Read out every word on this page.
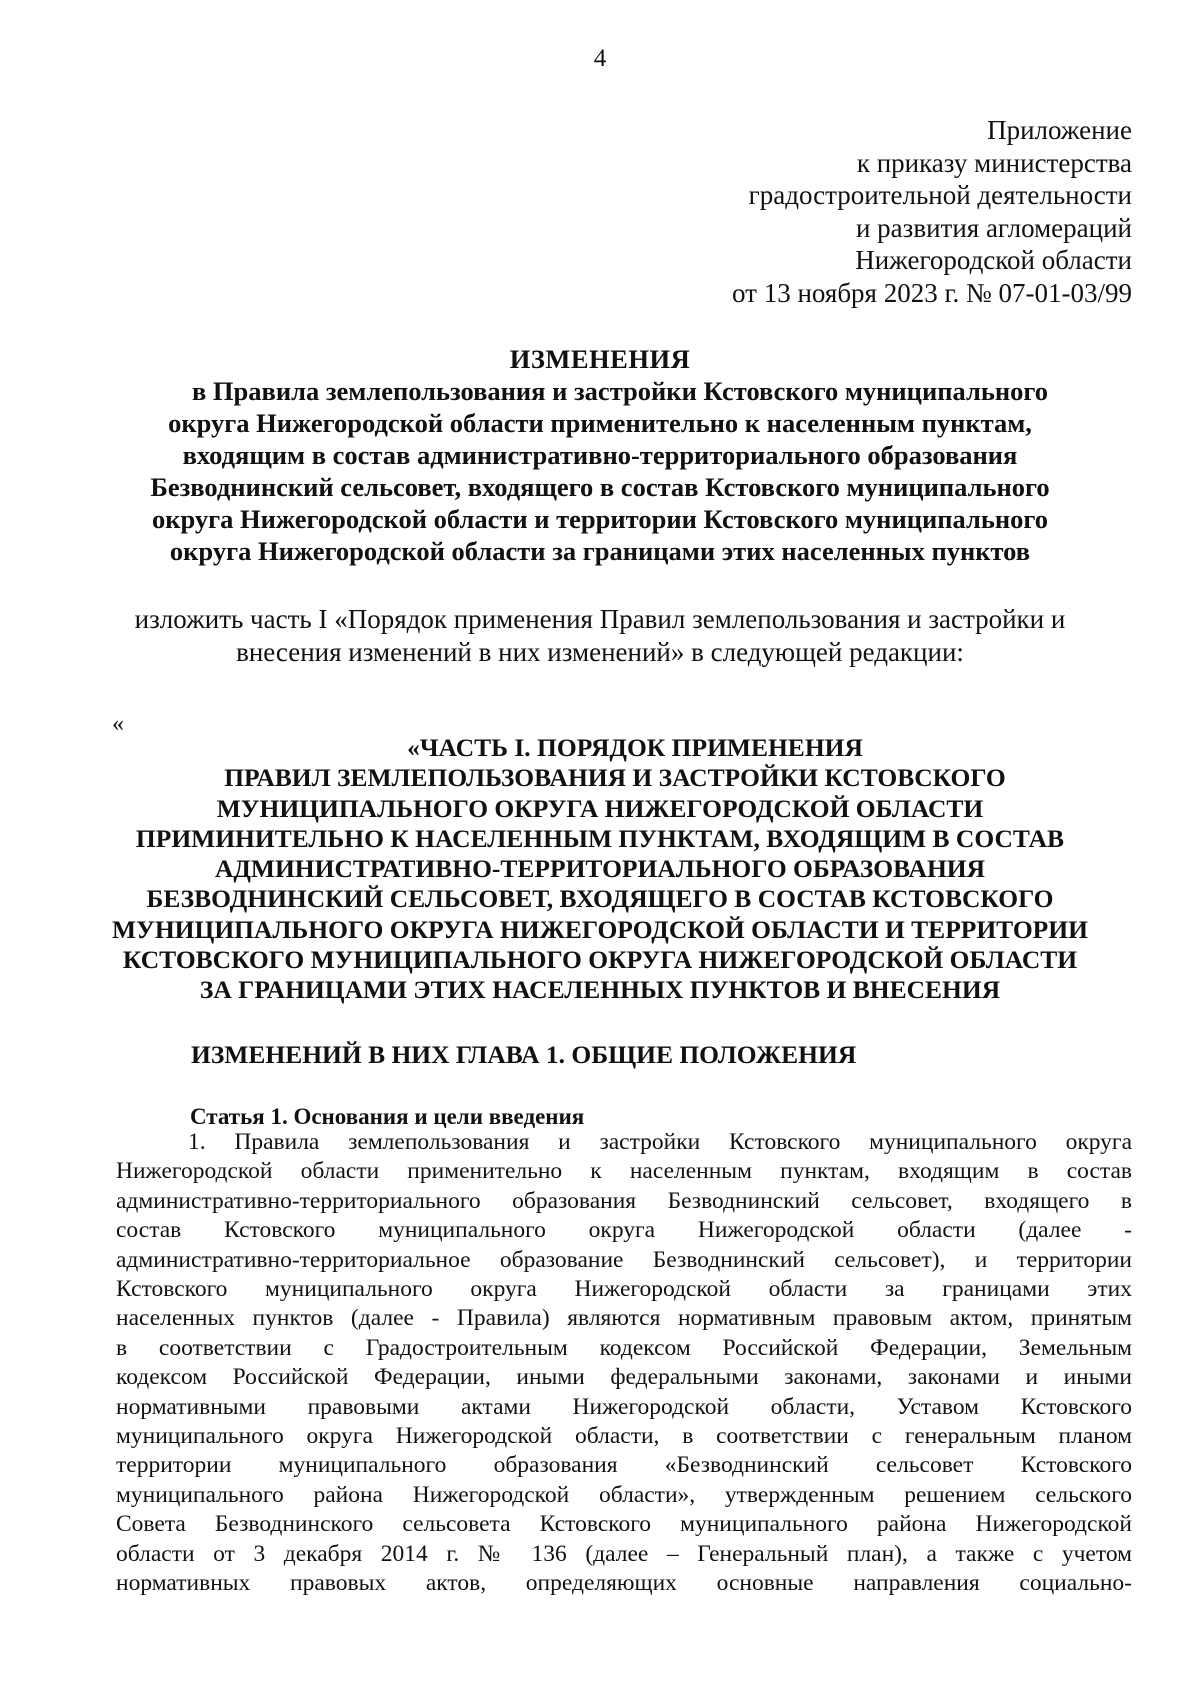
4
Приложение
к приказу министерства
градостроительной деятельности
и развития агломераций
Нижегородской области
от 13 ноября 2023 г. № 07-01-03/99
ИЗМЕНЕНИЯ
в Правила землепользования и застройки Кстовского муниципального
округа Нижегородской области применительно к населенным пунктам,
входящим в состав административно-территориального образования
Безводнинский сельсовет, входящего в состав Кстовского муниципального
округа Нижегородской области и территории Кстовского муниципального
округа Нижегородской области за границами этих населенных пунктов
изложить часть I «Порядок применения Правил землепользования и застройки и
внесения изменений в них изменений» в следующей редакции:
«
«ЧАСТЬ I. ПОРЯДОК ПРИМЕНЕНИЯ
ПРАВИЛ ЗЕМЛЕПОЛЬЗОВАНИЯ И ЗАСТРОЙКИ КСТОВСКОГО
МУНИЦИПАЛЬНОГО ОКРУГА НИЖЕГОРОДСКОЙ ОБЛАСТИ
ПРИМИНИТЕЛЬНО К НАСЕЛЕННЫМ ПУНКТАМ, ВХОДЯЩИМ В СОСТАВ
АДМИНИСТРАТИВНО-ТЕРРИТОРИАЛЬНОГО ОБРАЗОВАНИЯ
БЕЗВОДНИНСКИЙ СЕЛЬСОВЕТ, ВХОДЯЩЕГО В СОСТАВ КСТОВСКОГО
МУНИЦИПАЛЬНОГО ОКРУГА НИЖЕГОРОДСКОЙ ОБЛАСТИ И ТЕРРИТОРИИ
КСТОВСКОГО МУНИЦИПАЛЬНОГО ОКРУГА НИЖЕГОРОДСКОЙ ОБЛАСТИ
ЗА ГРАНИЦАМИ ЭТИХ НАСЕЛЕННЫХ ПУНКТОВ И ВНЕСЕНИЯ
ИЗМЕНЕНИЙ В НИХ ГЛАВА 1. ОБЩИЕ ПОЛОЖЕНИЯ
Статья 1. Основания и цели введения
1. Правила землепользования и застройки Кстовского муниципального округа
Нижегородской области применительно к населенным пунктам, входящим в состав
административно-территориального образования Безводнинский сельсовет, входящего в
состав Кстовского муниципального округа Нижегородской области (далее -
административно-территориальное образование Безводнинский сельсовет), и территории
Кстовского муниципального округа Нижегородской области за границами этих
населенных пунктов (далее - Правила) являются нормативным правовым актом, принятым
в соответствии с Градостроительным кодексом Российской Федерации, Земельным
кодексом Российской Федерации, иными федеральными законами, законами и иными
нормативными правовыми актами Нижегородской области, Уставом Кстовского
муниципального округа Нижегородской области, в соответствии с генеральным планом
территории муниципального образования «Безводнинский сельсовет Кстовского
муниципального района Нижегородской области», утвержденным решением сельского
Совета Безводнинского сельсовета Кстовского муниципального района Нижегородской
области от 3 декабря 2014 г. № 136 (далее – Генеральный план), а также с учетом
нормативных правовых актов, определяющих основные направления социально-
